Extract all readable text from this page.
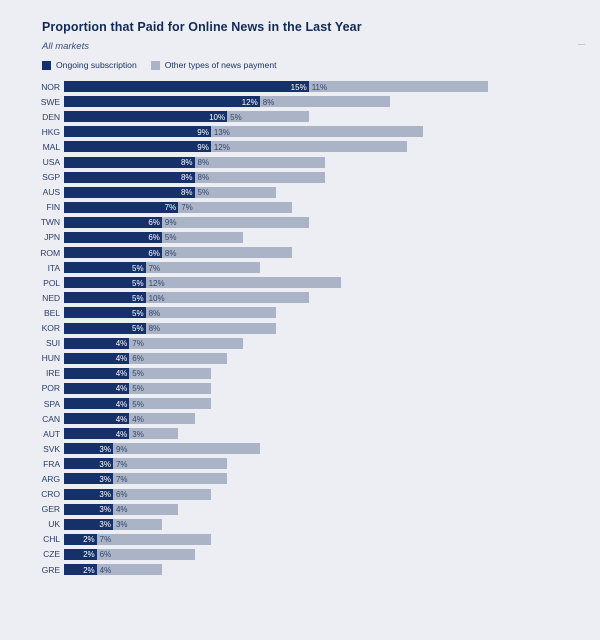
Proportion that Paid for Online News in the Last Year
All markets
Ongoing subscription	Other types of news payment
NOR	15% 11%
SWE	12% 8%
DEN	10% 5%
HKG	9% 13%
MAL	9% 12%
USA	8% 8%
SGP	8% 8%
AUS	8% 5%
FIN	7% 7%
TWN	6% 9%
JPN	6% 5%
ROM	6% 8%
ITA	5% 7%
POL	5% 12%
NED	5% 10%
BEL	5% 8%
KOR	5% 8%
SUI	4% 7%
HUN	4% 6%
IRE	4% 5%
POR	4% 5%
SPA	4% 5%
CAN	4% 4%
AUT	4% 3%
SVK	3% 9%
FRA	3% 7%
ARG	3% 7%
CRO	3% 6%
GER	3% 4%
UK	3% 3%
CHL	2% 7%
CZE	2% 6%
GRE	2% 4%
